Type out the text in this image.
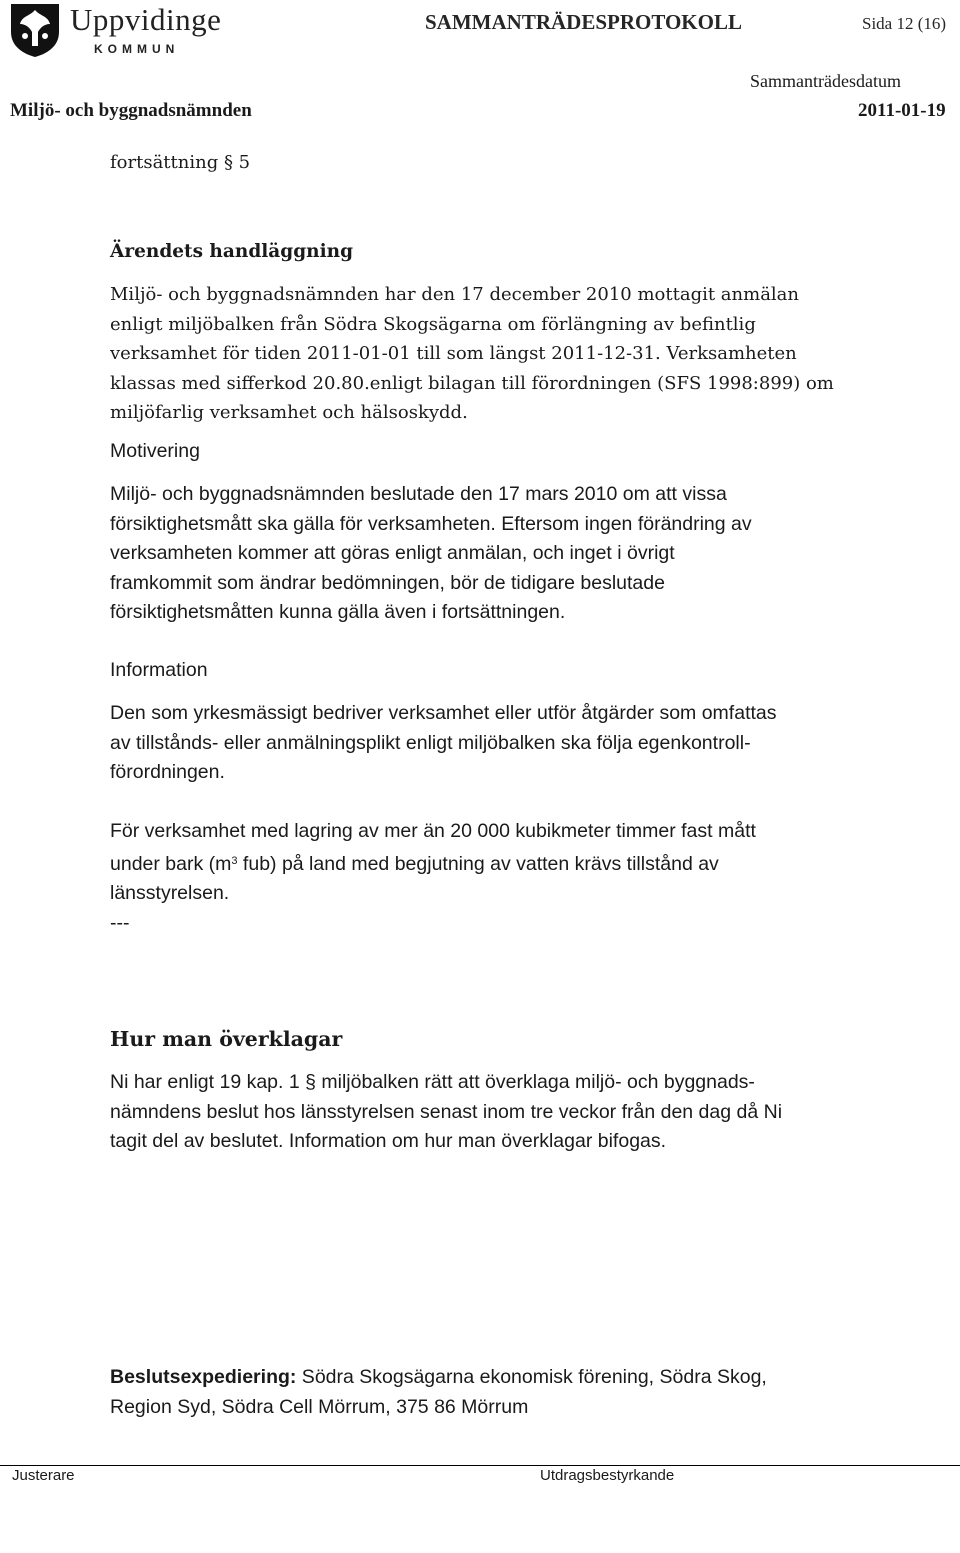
Uppvidinge
KOMMUN
SAMMANTRÄDESPROTOKOLL	Sida 12 (16)
Sammanträdesdatum
Miljö- och byggnadsnämnden	2011-01-19
fortsättning § 5
Ärendets handläggning
Miljö- och byggnadsnämnden har den 17 december 2010 mottagit anmälan
enligt miljöbalken från Södra Skogsägarna om förlängning av befintlig
verksamhet för tiden 2011-01-01 till som längst 2011-12-31. Verksamheten
klassas med sifferkod 20.80.enligt bilagan till förordningen (SFS 1998:899) om
miljöfarlig verksamhet och hälsoskydd.
Motivering
Miljö- och byggnadsnämnden beslutade den 17 mars 2010 om att vissa
försiktighetsmått ska gälla för verksamheten. Eftersom ingen förändring av
verksamheten kommer att göras enligt anmälan, och inget i övrigt
framkommit som ändrar bedömningen, bör de tidigare beslutade
försiktighetsmåtten kunna gälla även i fortsättningen.
Information
Den som yrkesmässigt bedriver verksamhet eller utför åtgärder som omfattas
av tillstånds- eller anmälningsplikt enligt miljöbalken ska följa egenkontroll-
förordningen.
För verksamhet med lagring av mer än 20 000 kubikmeter timmer fast mått
under bark ($m^3$ fub) på land med begjutning av vatten krävs tillstånd av
länsstyrelsen.
---
Hur man överklagar
Ni har enligt 19 kap. 1 § miljöbalken rätt att överklaga miljö- och byggnads-
nämndens beslut hos länsstyrelsen senast inom tre veckor från den dag då Ni
tagit del av beslutet. Information om hur man överklagar bifogas.
Beslutsexpediering: Södra Skogsägarna ekonomisk förening, Södra Skog,
Region Syd, Södra Cell Mörrum, 375 86 Mörrum
Justerare	Utdragsbestyrkande
